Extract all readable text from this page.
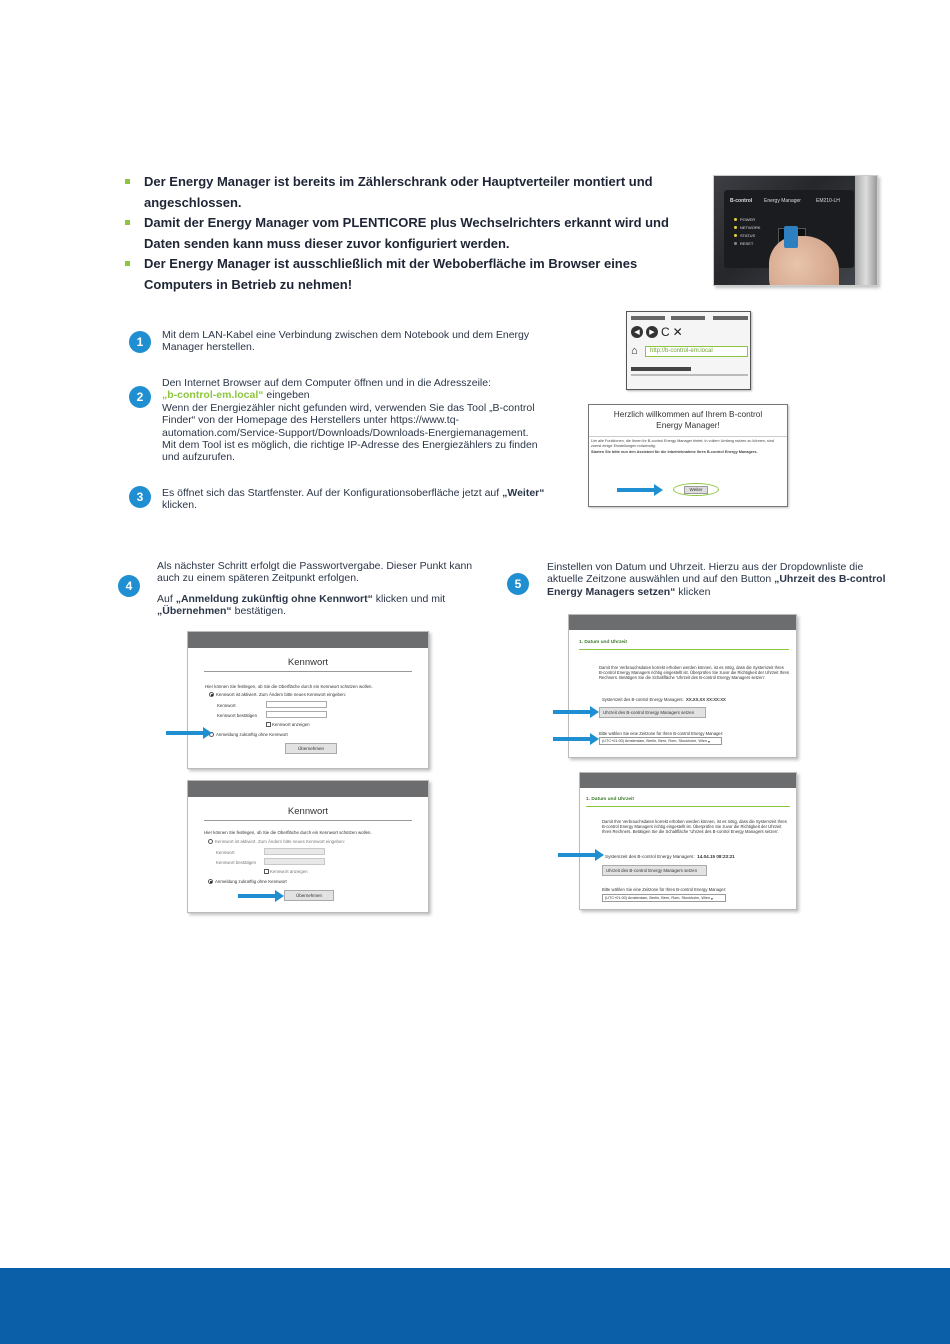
Der Energy Manager ist bereits im Zählerschrank oder Hauptverteiler montiert und angeschlossen.
Damit der Energy Manager vom PLENTICORE plus Wechselrichters erkannt wird und Daten senden kann muss dieser zuvor konfiguriert werden.
Der Energy Manager ist ausschließlich mit der Weboberfläche im Browser eines Computers in Betrieb zu nehmen!
B-control Energy Manager	EM210-LH
POWER
NETWORK
STATUS
RESET
1	Mit dem LAN-Kabel eine Verbindung zwischen dem Notebook und dem Energy Manager herstellen.
◀	▶ C ✕
⌂	http://b-control-em.local
2
Den Internet Browser auf dem Computer öffnen und in die Adresszeile:
„b-control-em.local“ eingeben
Wenn der Energiezähler nicht gefunden wird, verwenden Sie das Tool „B-control Finder“ von der Homepage des Herstellers unter https://www.tq-automation.com/Service-Support/Downloads/Downloads-Energiemanagement. Mit dem Tool ist es möglich, die richtige IP-Adresse des Energiezählers zu finden und aufzurufen.
Herzlich willkommen auf Ihrem B-control Energy Manager!
Um alle Funktionen, die Ihnen ihr B-control Energy Manager bietet, in vollem Umfang nutzen zu können, sind zuerst einige Einstellungen notwendig.
Starten Sie bitte nun den Assistent für die Inbetriebnahme Ihres B-control Energy Managers.
Weiter
3	Es öffnet sich das Startfenster. Auf der Konfigurationsoberfläche jetzt auf „Weiter“ klicken.
4
Als nächster Schritt erfolgt die Passwortvergabe. Dieser Punkt kann auch zu einem späteren Zeitpunkt erfolgen.
Auf „Anmeldung zukünftig ohne Kennwort“ klicken und mit „Übernehmen“ bestätigen.
Kennwort
Hier können Sie festlegen, ob Sie die Oberfläche durch ein Kennwort schützen wollen.
Kennwort ist aktiviert. Zum Ändern bitte neues Kennwort eingeben:
Kennwort
Kennwort bestätigen
Kennwort anzeigen
Anmeldung zukünftig ohne Kennwort
Übernehmen
Kennwort
Hier können Sie festlegen, ob Sie die Oberfläche durch ein Kennwort schützen wollen.
Kennwort ist aktiviert. Zum Ändern bitte neues Kennwort eingeben:
Kennwort
Kennwort bestätigen
Kennwort anzeigen
Anmeldung zukünftig ohne Kennwort
Übernehmen
5
Einstellen von Datum und Uhrzeit. Hierzu aus der Dropdownliste die aktuelle Zeitzone auswählen und auf den Button „Uhrzeit des B-control Energy Managers setzen“ klicken
1. Datum und Uhrzeit
Damit Ihre Verbrauchsdaten korrekt erhoben werden können, ist es nötig, dass die Systemzeit Ihres B-control Energy Managers richtig eingestellt ist. Überprüfen Sie zuvor die Richtigkeit der Uhrzeit Ihres Rechners. Betätigen Sie die Schaltfläche 'Uhrzeit des B-control Energy Managers setzen'.
Systemzeit des B-control Energy Managers: XX.XX.XX XX:XX:XX
Uhrzeit des B-control Energy Managers setzen
Bitte wählen Sie eine Zeitzone für Ihren B-control Energy Manager:
(UTC+01:00) Amsterdam, Berlin, Bern, Rom, Stockholm, Wien ▾
1. Datum und Uhrzeit
Damit Ihre Verbrauchsdaten korrekt erhoben werden können, ist es nötig, dass die Systemzeit Ihres B-control Energy Managers richtig eingestellt ist. Überprüfen Sie zuvor die Richtigkeit der Uhrzeit Ihres Rechners. Betätigen Sie die Schaltfläche 'Uhrzeit des B-control Energy Managers setzen'.
Systemzeit des B-control Energy Managers: 14.04.15 08:23:21
Uhrzeit des B-control Energy Managers setzen
Bitte wählen Sie eine Zeitzone für Ihren B-control Energy Manager:
(UTC+01:00) Amsterdam, Berlin, Bern, Rom, Stockholm, Wien ▾
